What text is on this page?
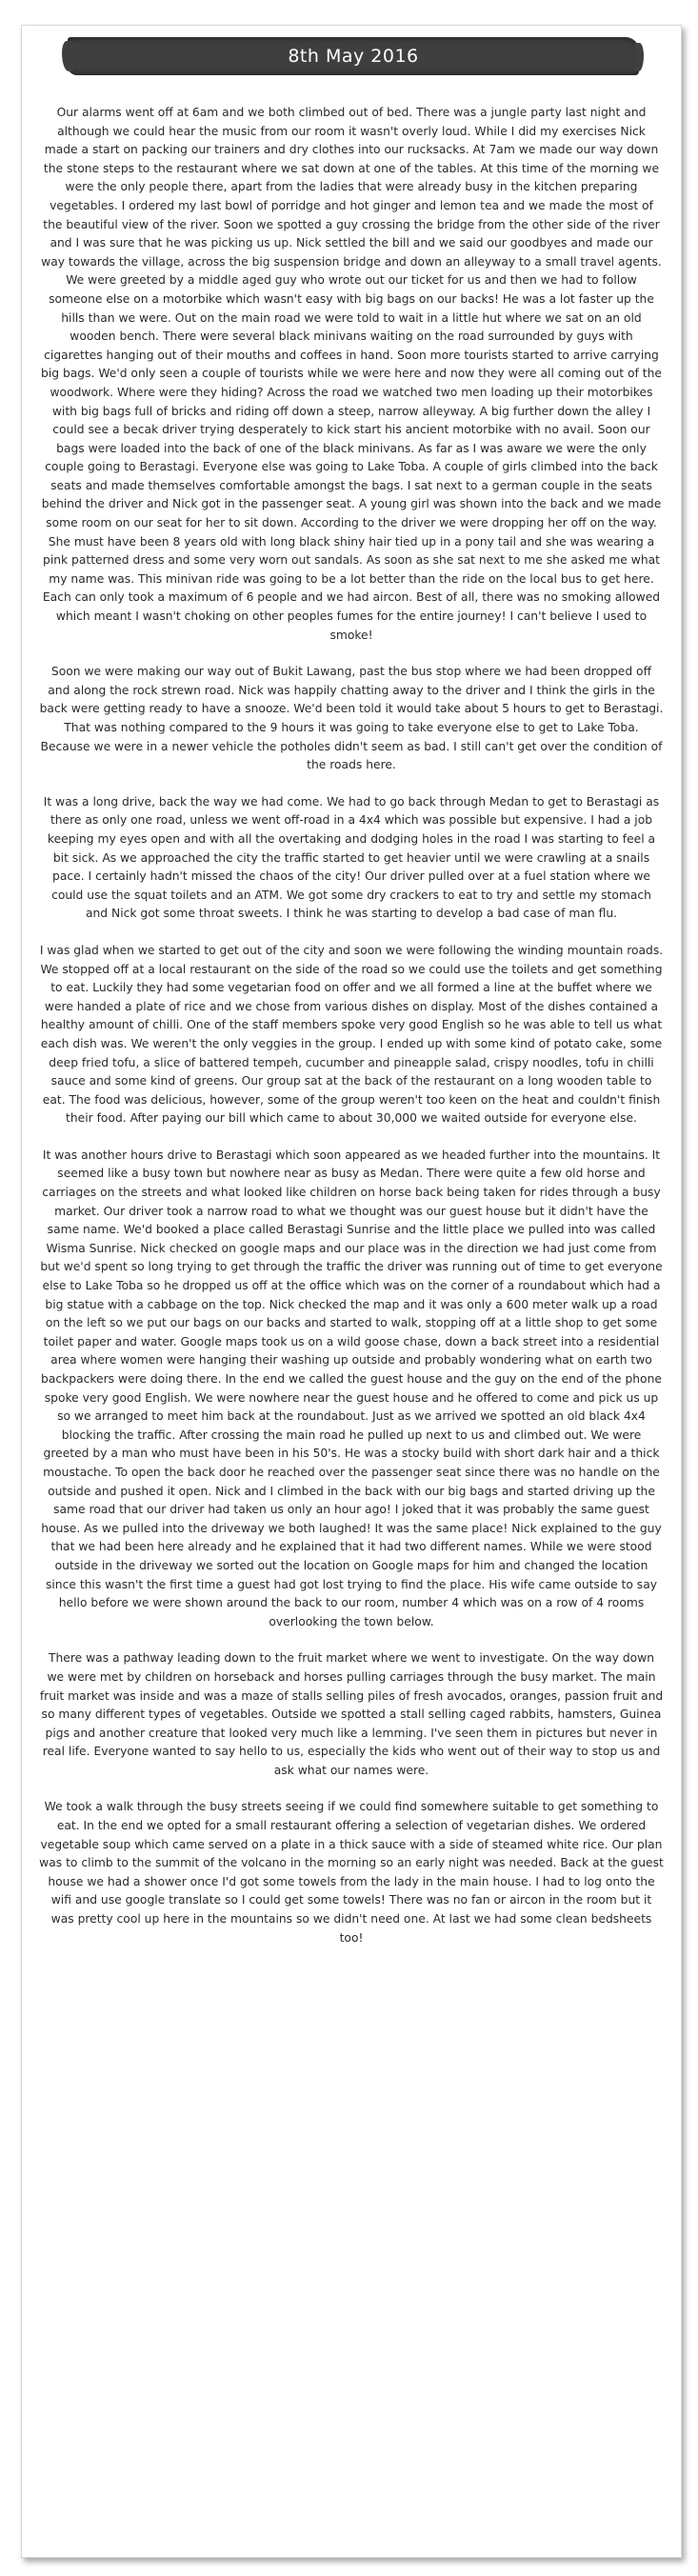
8th May 2016

Our alarms went off at 6am and we both climbed out of bed. There was a jungle party last night and although we could hear the music from our room it wasn't overly loud. While I did my exercises Nick made a start on packing our trainers and dry clothes into our rucksacks. At 7am we made our way down the stone steps to the restaurant where we sat down at one of the tables. At this time of the morning we were the only people there, apart from the ladies that were already busy in the kitchen preparing vegetables. I ordered my last bowl of porridge and hot ginger and lemon tea and we made the most of the beautiful view of the river. Soon we spotted a guy crossing the bridge from the other side of the river and I was sure that he was picking us up. Nick settled the bill and we said our goodbyes and made our way towards the village, across the big suspension bridge and down an alleyway to a small travel agents. We were greeted by a middle aged guy who wrote out our ticket for us and then we had to follow someone else on a motorbike which wasn't easy with big bags on our backs! He was a lot faster up the hills than we were. Out on the main road we were told to wait in a little hut where we sat on an old wooden bench. There were several black minivans waiting on the road surrounded by guys with cigarettes hanging out of their mouths and coffees in hand. Soon more tourists started to arrive carrying big bags. We'd only seen a couple of tourists while we were here and now they were all coming out of the woodwork. Where were they hiding? Across the road we watched two men loading up their motorbikes with big bags full of bricks and riding off down a steep, narrow alleyway. A big further down the alley I could see a becak driver trying desperately to kick start his ancient motorbike with no avail. Soon our bags were loaded into the back of one of the black minivans. As far as I was aware we were the only couple going to Berastagi. Everyone else was going to Lake Toba. A couple of girls climbed into the back seats and made themselves comfortable amongst the bags. I sat next to a german couple in the seats behind the driver and Nick got in the passenger seat. A young girl was shown into the back and we made some room on our seat for her to sit down. According to the driver we were dropping her off on the way. She must have been 8 years old with long black shiny hair tied up in a pony tail and she was wearing a pink patterned dress and some very worn out sandals. As soon as she sat next to me she asked me what my name was. This minivan ride was going to be a lot better than the ride on the local bus to get here. Each can only took a maximum of 6 people and we had aircon. Best of all, there was no smoking allowed which meant I wasn't choking on other peoples fumes for the entire journey! I can't believe I used to smoke!

Soon we were making our way out of Bukit Lawang, past the bus stop where we had been dropped off and along the rock strewn road. Nick was happily chatting away to the driver and I think the girls in the back were getting ready to have a snooze. We'd been told it would take about 5 hours to get to Berastagi. That was nothing compared to the 9 hours it was going to take everyone else to get to Lake Toba. Because we were in a newer vehicle the potholes didn't seem as bad. I still can't get over the condition of the roads here.

It was a long drive, back the way we had come. We had to go back through Medan to get to Berastagi as there as only one road, unless we went off-road in a 4x4 which was possible but expensive. I had a job keeping my eyes open and with all the overtaking and dodging holes in the road I was starting to feel a bit sick. As we approached the city the traffic started to get heavier until we were crawling at a snails pace. I certainly hadn't missed the chaos of the city! Our driver pulled over at a fuel station where we could use the squat toilets and an ATM. We got some dry crackers to eat to try and settle my stomach and Nick got some throat sweets. I think he was starting to develop a bad case of man flu.

I was glad when we started to get out of the city and soon we were following the winding mountain roads. We stopped off at a local restaurant on the side of the road so we could use the toilets and get something to eat. Luckily they had some vegetarian food on offer and we all formed a line at the buffet where we were handed a plate of rice and we chose from various dishes on display. Most of the dishes contained a healthy amount of chilli. One of the staff members spoke very good English so he was able to tell us what each dish was. We weren't the only veggies in the group. I ended up with some kind of potato cake, some deep fried tofu, a slice of battered tempeh, cucumber and pineapple salad, crispy noodles, tofu in chilli sauce and some kind of greens. Our group sat at the back of the restaurant on a long wooden table to eat. The food was delicious, however, some of the group weren't too keen on the heat and couldn't finish their food. After paying our bill which came to about 30,000 we waited outside for everyone else.

It was another hours drive to Berastagi which soon appeared as we headed further into the mountains. It seemed like a busy town but nowhere near as busy as Medan. There were quite a few old horse and carriages on the streets and what looked like children on horse back being taken for rides through a busy market. Our driver took a narrow road to what we thought was our guest house but it didn't have the same name. We'd booked a place called Berastagi Sunrise and the little place we pulled into was called Wisma Sunrise. Nick checked on google maps and our place was in the direction we had just come from but we'd spent so long trying to get through the traffic the driver was running out of time to get everyone else to Lake Toba so he dropped us off at the office which was on the corner of a roundabout which had a big statue with a cabbage on the top. Nick checked the map and it was only a 600 meter walk up a road on the left so we put our bags on our backs and started to walk, stopping off at a little shop to get some toilet paper and water. Google maps took us on a wild goose chase, down a back street into a residential area where women were hanging their washing up outside and probably wondering what on earth two backpackers were doing there. In the end we called the guest house and the guy on the end of the phone spoke very good English. We were nowhere near the guest house and he offered to come and pick us up so we arranged to meet him back at the roundabout. Just as we arrived we spotted an old black 4x4 blocking the traffic. After crossing the main road he pulled up next to us and climbed out. We were greeted by a man who must have been in his 50's. He was a stocky build with short dark hair and a thick moustache. To open the back door he reached over the passenger seat since there was no handle on the outside and pushed it open. Nick and I climbed in the back with our big bags and started driving up the same road that our driver had taken us only an hour ago! I joked that it was probably the same guest house. As we pulled into the driveway we both laughed! It was the same place! Nick explained to the guy that we had been here already and he explained that it had two different names. While we were stood outside in the driveway we sorted out the location on Google maps for him and changed the location since this wasn't the first time a guest had got lost trying to find the place. His wife came outside to say hello before we were shown around the back to our room, number 4 which was on a row of 4 rooms overlooking the town below.

There was a pathway leading down to the fruit market where we went to investigate. On the way down we were met by children on horseback and horses pulling carriages through the busy market. The main fruit market was inside and was a maze of stalls selling piles of fresh avocados, oranges, passion fruit and so many different types of vegetables. Outside we spotted a stall selling caged rabbits, hamsters, Guinea pigs and another creature that looked very much like a lemming. I've seen them in pictures but never in real life. Everyone wanted to say hello to us, especially the kids who went out of their way to stop us and ask what our names were.

We took a walk through the busy streets seeing if we could find somewhere suitable to get something to eat. In the end we opted for a small restaurant offering a selection of vegetarian dishes. We ordered vegetable soup which came served on a plate in a thick sauce with a side of steamed white rice. Our plan was to climb to the summit of the volcano in the morning so an early night was needed. Back at the guest house we had a shower once I'd got some towels from the lady in the main house. I had to log onto the wifi and use google translate so I could get some towels! There was no fan or aircon in the room but it was pretty cool up here in the mountains so we didn't need one. At last we had some clean bedsheets too!
